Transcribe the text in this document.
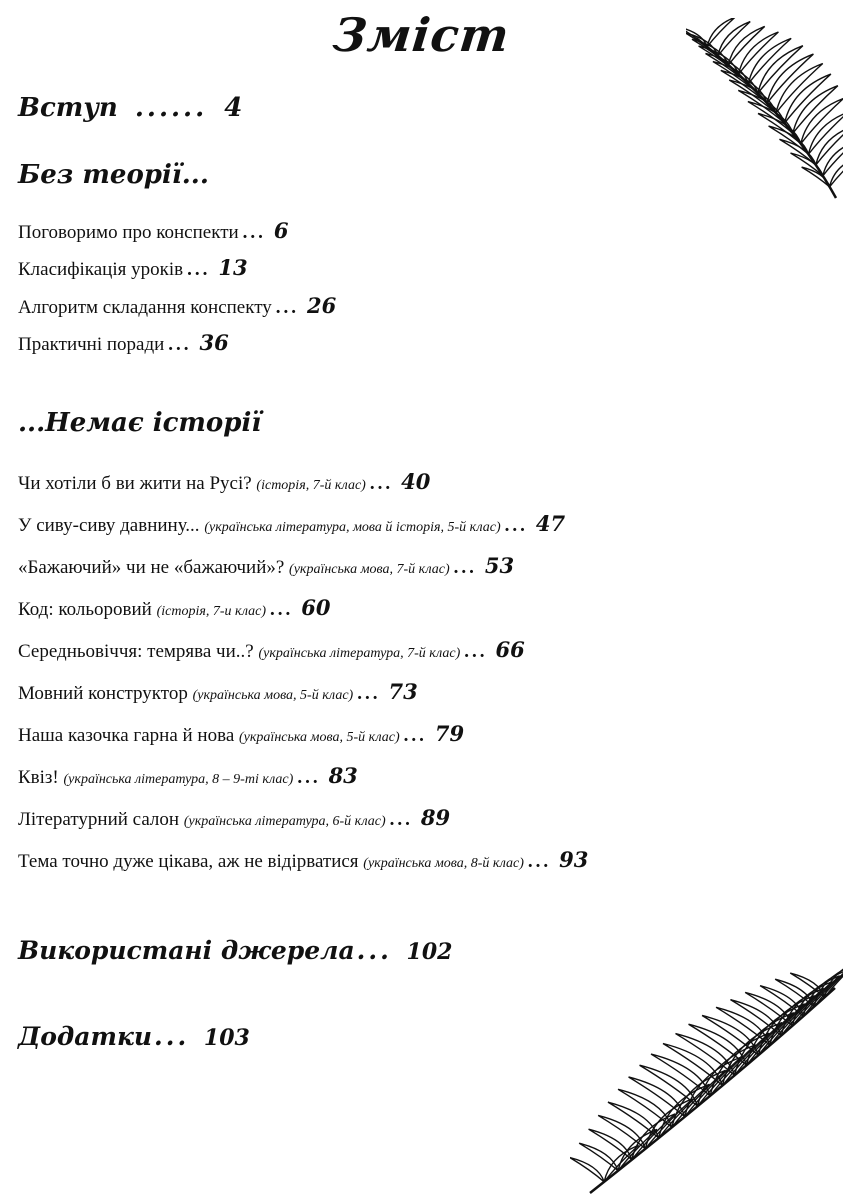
Зміст
Вступ ...... 4
Без теорії...
Поговоримо про конспекти ... 6
Класифікація уроків ... 13
Алгоритм складання конспекту ... 26
Практичні поради ... 36
...Немає історії
Чи хотіли б ви жити на Русі? (історія, 7-й клас) ... 40
У сиву-сиву давнину... (українська література, мова й історія, 5-й клас) ... 47
«Бажаючий» чи не «бажаючий»? (українська мова, 7-й клас) ... 53
Код: кольоровий (історія, 7-и клас) ... 60
Середньовіччя: темрява чи..? (українська література, 7-й клас) ... 66
Мовний конструктор (українська мова, 5-й клас) ... 73
Наша казочка гарна й нова (українська мова, 5-й клас) ... 79
Квіз! (українська література, 8 – 9-ті клас) ... 83
Літературний салон (українська література, 6-й клас) ... 89
Тема точно дуже цікава, аж не відірватися (українська мова, 8-й клас) ... 93
Використані джерела... 102
Додатки... 103
